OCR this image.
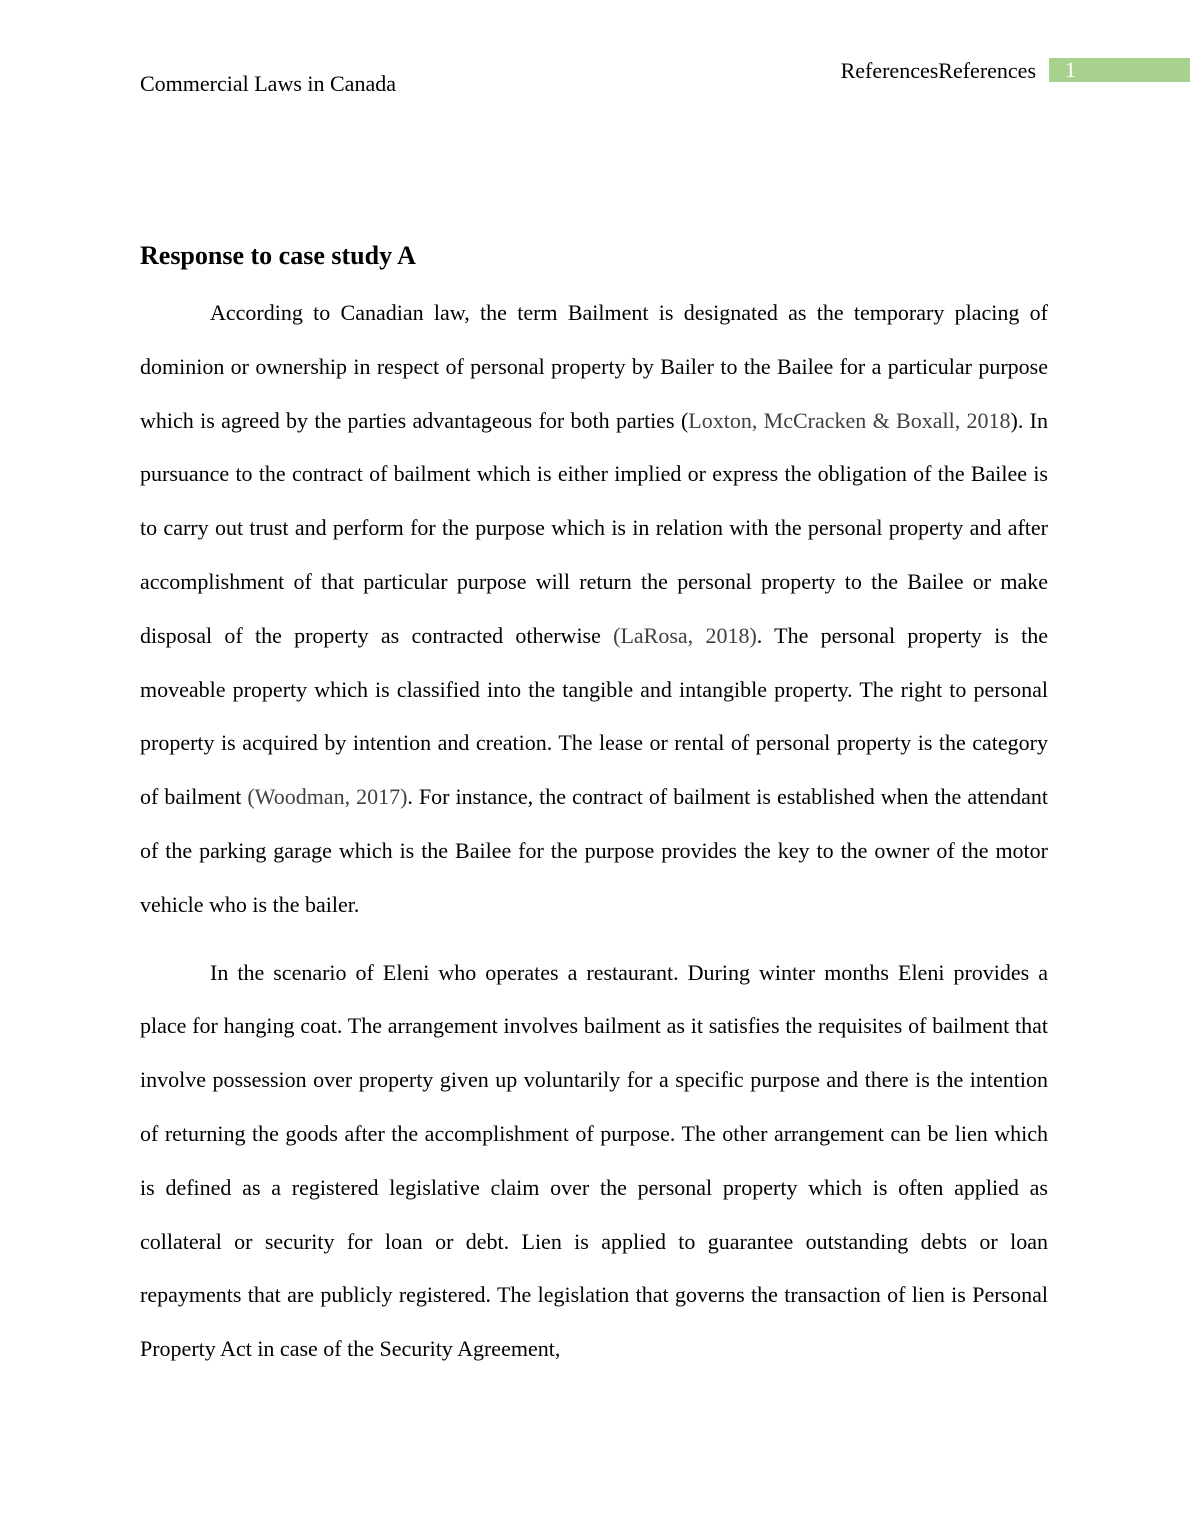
Commercial Laws in Canada
ReferencesReferences	1
Response to case study A

According to Canadian law, the term Bailment is designated as the temporary placing of dominion or ownership in respect of personal property by Bailer to the Bailee for a particular purpose which is agreed by the parties advantageous for both parties (Loxton, McCracken & Boxall, 2018). In pursuance to the contract of bailment which is either implied or express the obligation of the Bailee is to carry out trust and perform for the purpose which is in relation with the personal property and after accomplishment of that particular purpose will return the personal property to the Bailee or make disposal of the property as contracted otherwise (LaRosa, 2018). The personal property is the moveable property which is classified into the tangible and intangible property. The right to personal property is acquired by intention and creation. The lease or rental of personal property is the category of bailment (Woodman, 2017). For instance, the contract of bailment is established when the attendant of the parking garage which is the Bailee for the purpose provides the key to the owner of the motor vehicle who is the bailer.

In the scenario of Eleni who operates a restaurant. During winter months Eleni provides a place for hanging coat. The arrangement involves bailment as it satisfies the requisites of bailment that involve possession over property given up voluntarily for a specific purpose and there is the intention of returning the goods after the accomplishment of purpose. The other arrangement can be lien which is defined as a registered legislative claim over the personal property which is often applied as collateral or security for loan or debt. Lien is applied to guarantee outstanding debts or loan repayments that are publicly registered. The legislation that governs the transaction of lien is Personal Property Act in case of the Security Agreement,
